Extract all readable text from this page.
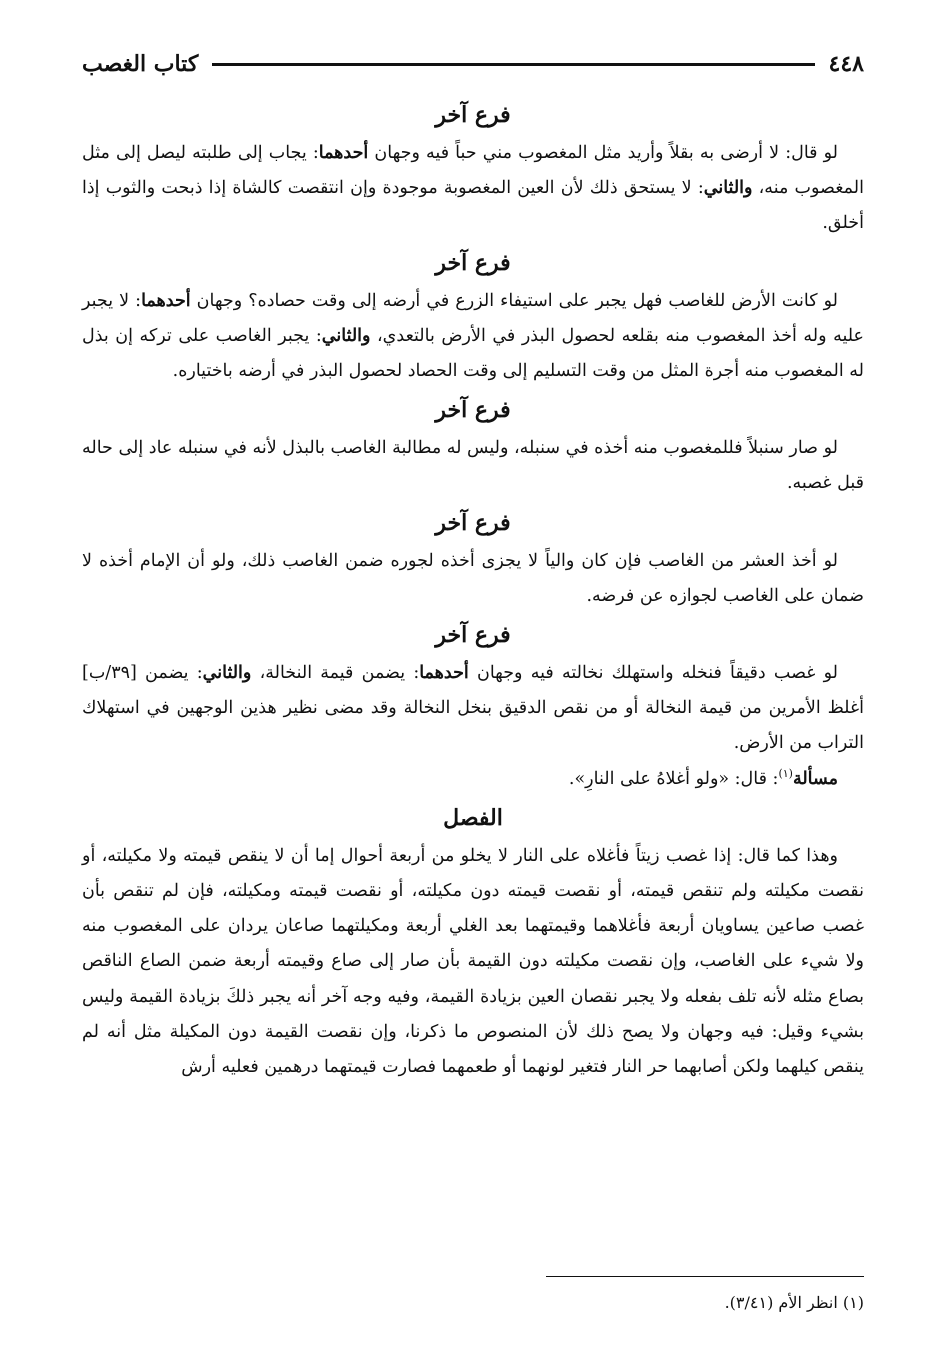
٤٤٨
كتاب الغصب
فرع آخر

لو قال: لا أرضى به بقلاً وأريد مثل المغصوب مني حباً فيه وجهان أحدهما: يجاب إلى طلبته ليصل إلى مثل المغصوب منه، والثاني: لا يستحق ذلك لأن العين المغصوبة موجودة وإن انتقصت كالشاة إذا ذبحت والثوب إذا أخلق.

فرع آخر

لو كانت الأرض للغاصب فهل يجبر على استيفاء الزرع في أرضه إلى وقت حصاده؟ وجهان أحدهما: لا يجبر عليه وله أخذ المغصوب منه بقلعه لحصول البذر في الأرض بالتعدي، والثاني: يجبر الغاصب على تركه إن بذل له المغصوب منه أجرة المثل من وقت التسليم إلى وقت الحصاد لحصول البذر في أرضه باختياره.

فرع آخر

لو صار سنبلاً فللمغصوب منه أخذه في سنبله، وليس له مطالبة الغاصب بالبذل لأنه في سنبله عاد إلى حاله قبل غصبه.

فرع آخر

لو أخذ العشر من الغاصب فإن كان والياً لا يجزى أخذه لجوره ضمن الغاصب ذلك، ولو أن الإمام أخذه لا ضمان على الغاصب لجوازه عن فرضه.

فرع آخر

لو غصب دقيقاً فنخله واستهلك نخالته فيه وجهان أحدهما: يضمن قيمة النخالة، والثاني: يضمن [٣٩/ب] أغلظ الأمرين من قيمة النخالة أو من نقص الدقيق بنخل النخالة وقد مضى نظير هذين الوجهين في استهلاك التراب من الأرض.

مسألة$^{(١)}$: قال: «ولو أغلاهُ على النارِ».

الفصل

وهذا كما قال: إذا غصب زيتاً فأغلاه على النار لا يخلو من أربعة أحوال إما أن لا ينقص قيمته ولا مكيلته، أو نقصت مكيلته ولم تنقص قيمته، أو نقصت قيمته دون مكيلته، أو نقصت قيمته ومكيلته، فإن لم تنقص بأن غصب صاعين يساويان أربعة فأغلاهما وقيمتهما بعد الغلي أربعة ومكيلتهما صاعان يردان على المغصوب منه ولا شيء على الغاصب، وإن نقصت مكيلته دون القيمة بأن صار إلى صاع وقيمته أربعة ضمن الصاع الناقص بصاع مثله لأنه تلف بفعله ولا يجبر نقصان العين بزيادة القيمة، وفيه وجه آخر أنه يجبر ذلكَ بزيادة القيمة وليس بشيء وقيل: فيه وجهان ولا يصح ذلك لأن المنصوص ما ذكرنا، وإن نقصت القيمة دون المكيلة مثل أنه لم ينقص كيلهما ولكن أصابهما حر النار فتغير لونهما أو طعمهما فصارت قيمتهما درهمين فعليه أرش

(١) انظر الأم (٣/٤١).
